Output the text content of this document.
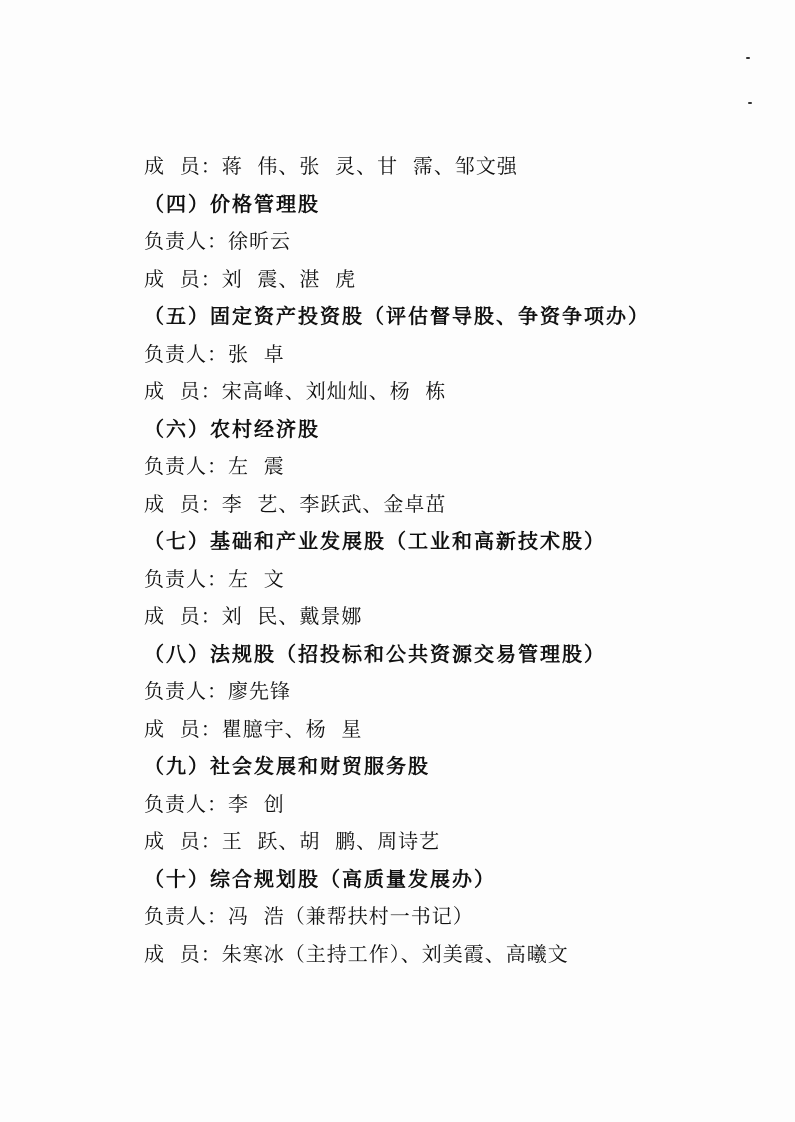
成  员：蒋  伟、张  灵、甘  霈、邹文强
（四）价格管理股
负责人：徐昕云
成  员：刘  震、湛  虎
（五）固定资产投资股（评估督导股、争资争项办）
负责人：张  卓
成  员：宋高峰、刘灿灿、杨  栋
（六）农村经济股
负责人：左  震
成  员：李  艺、李跃武、金卓茁
（七）基础和产业发展股（工业和高新技术股）
负责人：左  文
成  员：刘  民、戴景娜
（八）法规股（招投标和公共资源交易管理股）
负责人：廖先锋
成  员：瞿臆宇、杨  星
（九）社会发展和财贸服务股
负责人：李  创
成  员：王  跃、胡  鹏、周诗艺
（十）综合规划股（高质量发展办）
负责人：冯  浩（兼帮扶村一书记）
成  员：朱寒冰（主持工作）、刘美霞、高曦文
